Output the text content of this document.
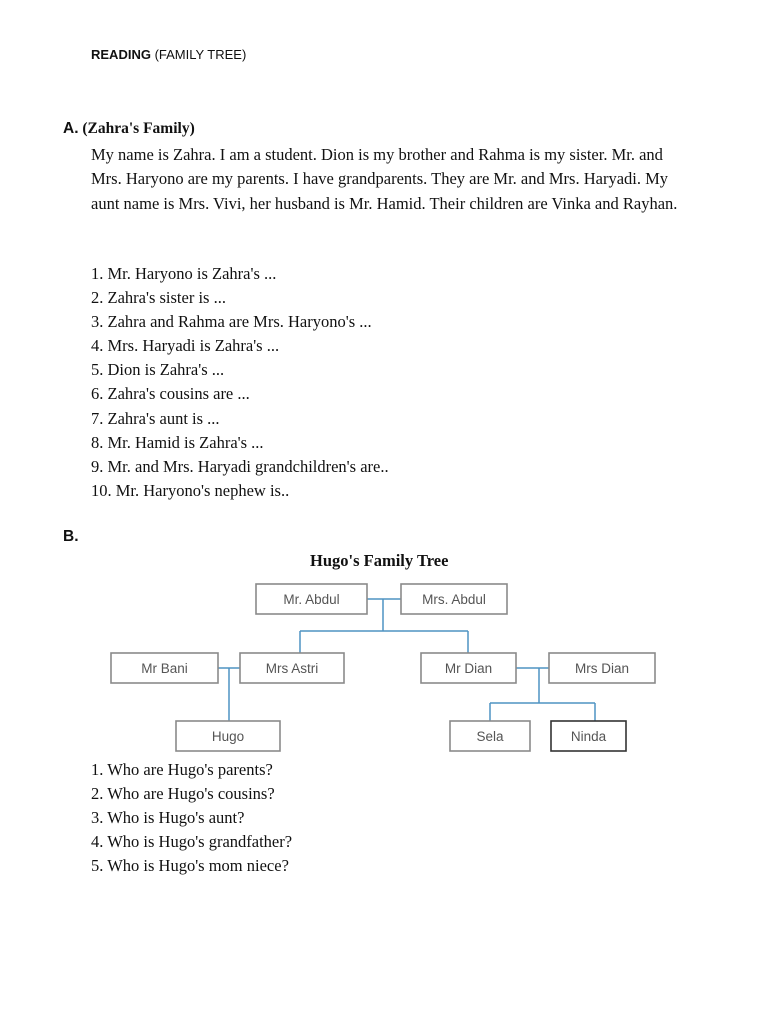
READING (FAMILY TREE)
A. (Zahra's Family)
My name is Zahra. I am a student. Dion is my brother and Rahma is my sister. Mr. and Mrs. Haryono are my parents. I have grandparents. They are Mr. and Mrs. Haryadi. My aunt name is Mrs. Vivi, her husband is Mr. Hamid. Their children are Vinka and Rayhan.
1. Mr. Haryono is Zahra's ...
2. Zahra's sister is ...
3. Zahra and Rahma are Mrs. Haryono's ...
4. Mrs. Haryadi is Zahra's ...
5. Dion is Zahra's ...
6. Zahra's cousins are ...
7. Zahra's aunt is ...
8. Mr. Hamid is Zahra's ...
9. Mr. and Mrs. Haryadi grandchildren's are..
10. Mr. Haryono's nephew is..
B.
Hugo's Family Tree
Mr. Abdul	Mrs. Abdul
Mr Bani	Mrs Astri	Mr Dian	Mrs Dian
Hugo	Sela	Ninda
1. Who are Hugo's parents?
2. Who are Hugo's cousins?
3. Who is Hugo's aunt?
4. Who is Hugo's grandfather?
5. Who is Hugo's mom niece?
